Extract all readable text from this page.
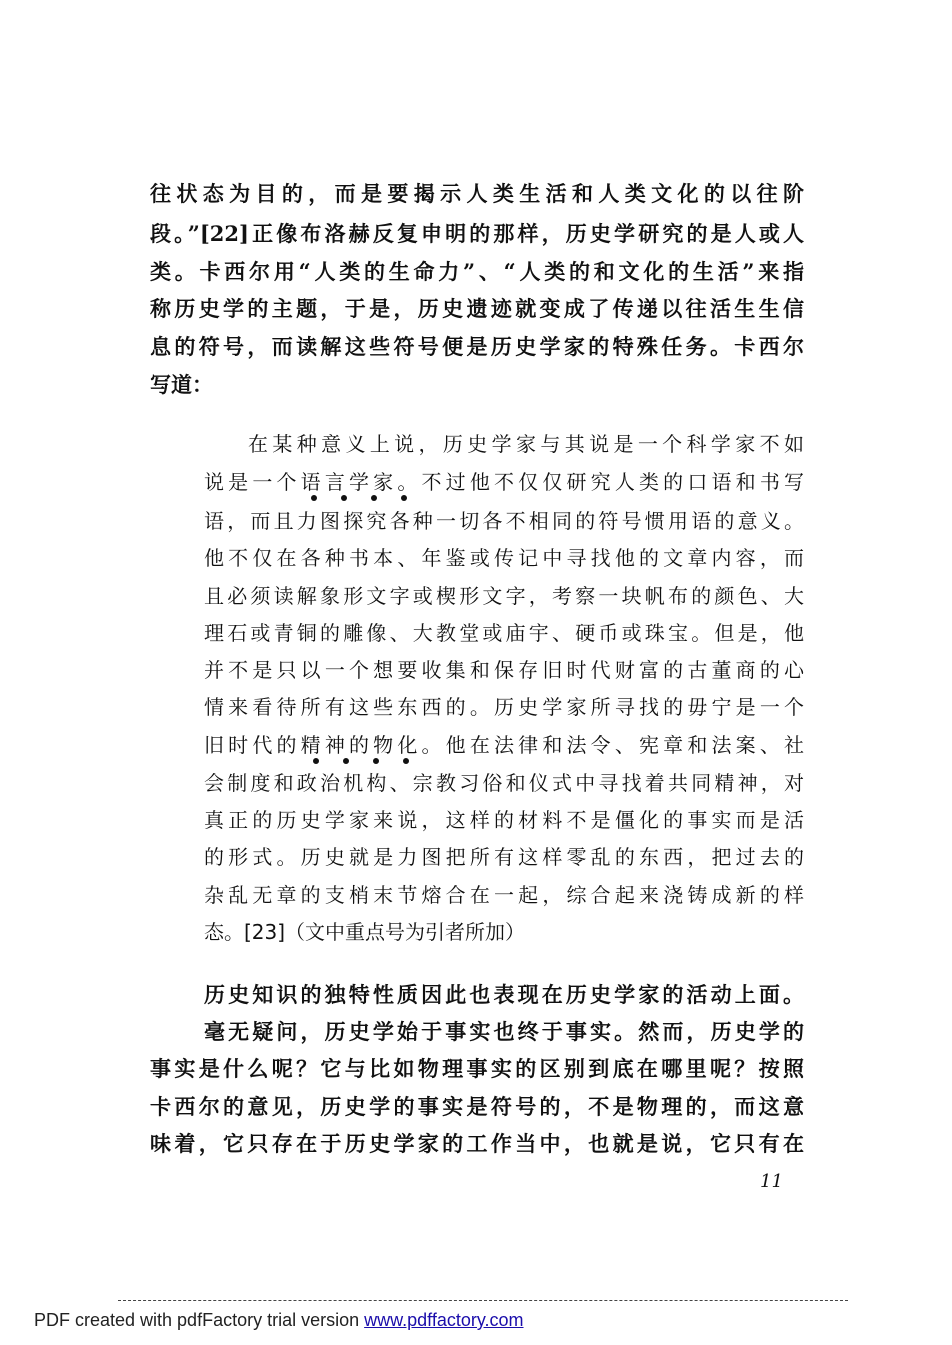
往状态为目的，而是要揭示人类生活和人类文化的以往阶
段。”[22]正像布洛赫反复申明的那样，历史学研究的是人或人
类。卡西尔用“人类的生命力”、“人类的和文化的生活”来指
称历史学的主题，于是，历史遗迹就变成了传递以往活生生信
息的符号，而读解这些符号便是历史学家的特殊任务。卡西尔
写道：
在某种意义上说，历史学家与其说是一个科学家不如
说是一个语言学家。不过他不仅仅研究人类的口语和书写
语，而且力图探究各种一切各不相同的符号惯用语的意义。
他不仅在各种书本、年鉴或传记中寻找他的文章内容，而
且必须读解象形文字或楔形文字，考察一块帆布的颜色、大
理石或青铜的雕像、大教堂或庙宇、硬币或珠宝。但是，他
并不是只以一个想要收集和保存旧时代财富的古董商的心
情来看待所有这些东西的。历史学家所寻找的毋宁是一个
旧时代的精神的物化。他在法律和法令、宪章和法案、社
会制度和政治机构、宗教习俗和仪式中寻找着共同精神，对
真正的历史学家来说，这样的材料不是僵化的事实而是活
的形式。历史就是力图把所有这样零乱的东西，把过去的
杂乱无章的支梢末节熔合在一起，综合起来浇铸成新的样
态。[23]（文中重点号为引者所加）
历史知识的独特性质因此也表现在历史学家的活动上面。
毫无疑问，历史学始于事实也终于事实。然而，历史学的
事实是什么呢？它与比如物理事实的区别到底在哪里呢？按照
卡西尔的意见，历史学的事实是符号的，不是物理的，而这意
味着，它只存在于历史学家的工作当中，也就是说，它只有在
11
PDF created with pdfFactory trial version www.pdffactory.com
